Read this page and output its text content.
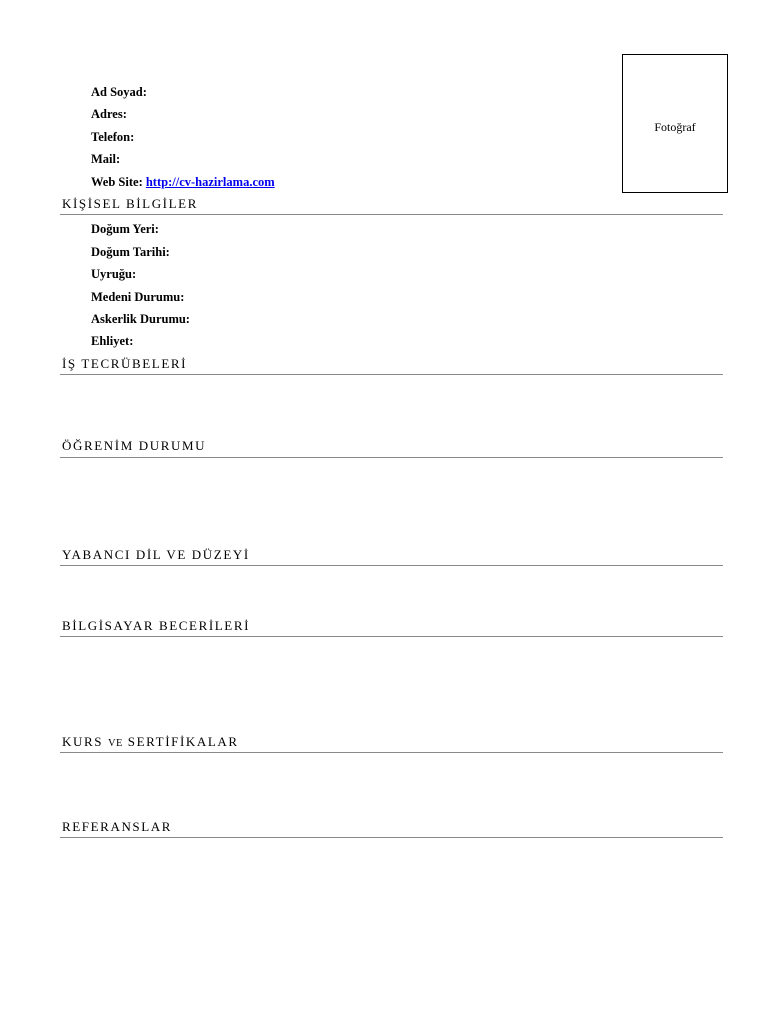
Fotoğraf
Ad Soyad:
Adres:
Telefon:
Mail:
Web Site: http://cv-hazirlama.com
KİŞİSEL BİLGİLER
Doğum Yeri:
Doğum Tarihi:
Uyruğu:
Medeni Durumu:
Askerlik Durumu:
Ehliyet:
İŞ TECRÜBELERİ
ÖĞRENİM DURUMU
YABANCI DİL VE DÜZEYİ
BİLGİSAYAR BECERİLERİ
KURS VE SERTİFİKALAR
REFERANSLAR
